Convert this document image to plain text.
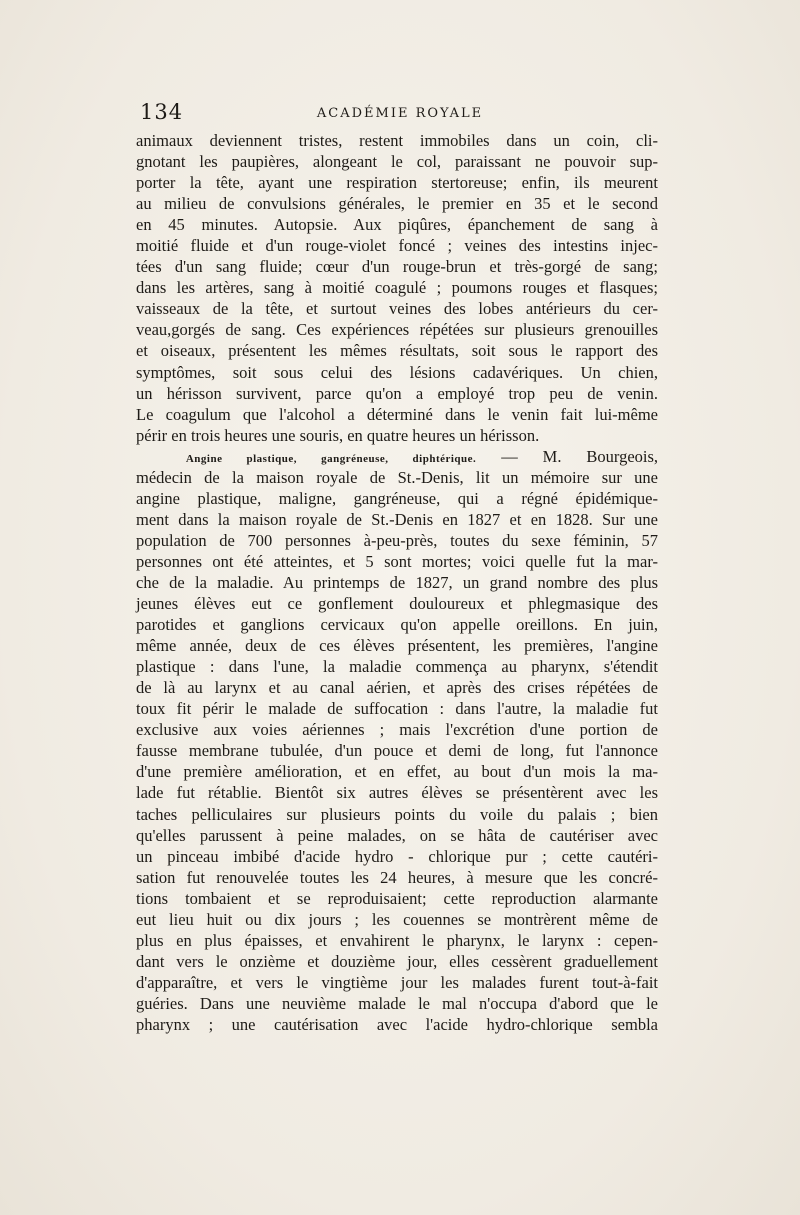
134	ACADÉMIE ROYALE
animaux deviennent tristes, restent immobiles dans un coin, cli-
gnotant les paupières, alongeant le col, paraissant ne pouvoir sup-
porter la tête, ayant une respiration stertoreuse; enfin, ils meurent
au milieu de convulsions générales, le premier en 35 et le second
en 45 minutes. Autopsie. Aux piqûres, épanchement de sang à
moitié fluide et d'un rouge-violet foncé ; veines des intestins injec-
tées d'un sang fluide; cœur d'un rouge-brun et très-gorgé de sang;
dans les artères, sang à moitié coagulé ; poumons rouges et flasques;
vaisseaux de la tête, et surtout veines des lobes antérieurs du cer-
veau,gorgés de sang. Ces expériences répétées sur plusieurs grenouilles
et oiseaux, présentent les mêmes résultats, soit sous le rapport des
symptômes, soit sous celui des lésions cadavériques. Un chien,
un hérisson survivent, parce qu'on a employé trop peu de venin.
Le coagulum que l'alcohol a déterminé dans le venin fait lui-même
périr en trois heures une souris, en quatre heures un hérisson.
Angine plastique, gangréneuse, diphtérique. — M. Bourgeois,
médecin de la maison royale de St.-Denis, lit un mémoire sur une
angine plastique, maligne, gangréneuse, qui a régné épidémique-
ment dans la maison royale de St.-Denis en 1827 et en 1828. Sur une
population de 700 personnes à-peu-près, toutes du sexe féminin, 57
personnes ont été atteintes, et 5 sont mortes; voici quelle fut la mar-
che de la maladie. Au printemps de 1827, un grand nombre des plus
jeunes élèves eut ce gonflement douloureux et phlegmasique des
parotides et ganglions cervicaux qu'on appelle oreillons. En juin,
même année, deux de ces élèves présentent, les premières, l'angine
plastique : dans l'une, la maladie commença au pharynx, s'étendit
de là au larynx et au canal aérien, et après des crises répétées de
toux fit périr le malade de suffocation : dans l'autre, la maladie fut
exclusive aux voies aériennes ; mais l'excrétion d'une portion de
fausse membrane tubulée, d'un pouce et demi de long, fut l'annonce
d'une première amélioration, et en effet, au bout d'un mois la ma-
lade fut rétablie. Bientôt six autres élèves se présentèrent avec les
taches pelliculaires sur plusieurs points du voile du palais ; bien
qu'elles parussent à peine malades, on se hâta de cautériser avec
un pinceau imbibé d'acide hydro - chlorique pur ; cette cautéri-
sation fut renouvelée toutes les 24 heures, à mesure que les concré-
tions tombaient et se reproduisaient; cette reproduction alarmante
eut lieu huit ou dix jours ; les couennes se montrèrent même de
plus en plus épaisses, et envahirent le pharynx, le larynx : cepen-
dant vers le onzième et douzième jour, elles cessèrent graduellement
d'apparaître, et vers le vingtième jour les malades furent tout-à-fait
guéries. Dans une neuvième malade le mal n'occupa d'abord que le
pharynx ; une cautérisation avec l'acide hydro-chlorique sembla
